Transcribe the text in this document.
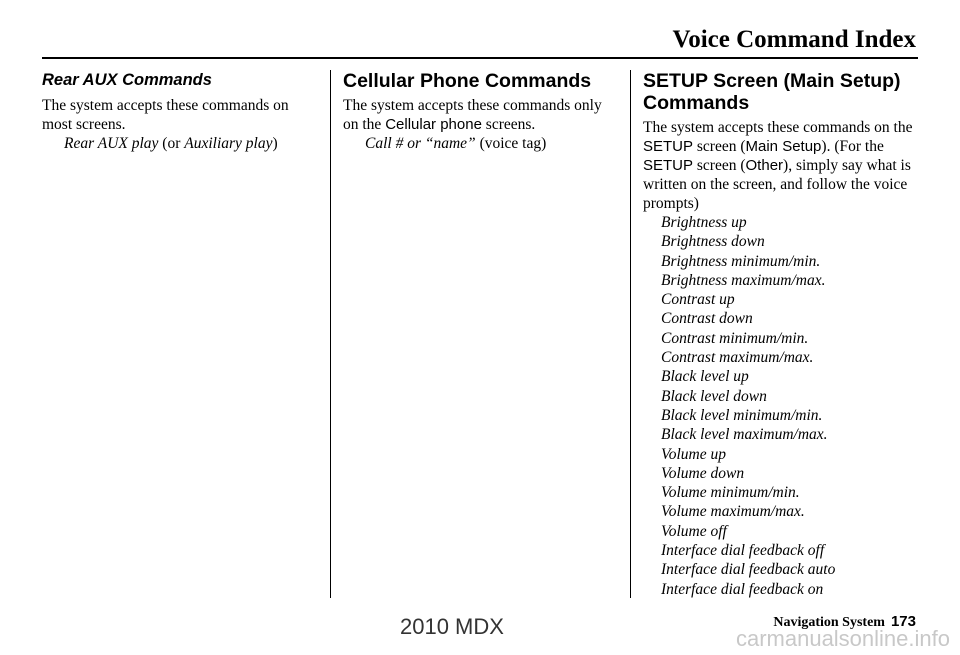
Voice Command Index
Rear AUX Commands

The system accepts these commands on most screens.

Rear AUX play (or Auxiliary play)

Cellular Phone Commands

The system accepts these commands only on the Cellular phone screens.

Call # or “name” (voice tag)

SETUP Screen (Main Setup) Commands

The system accepts these commands on the SETUP screen (Main Setup). (For the SETUP screen (Other), simply say what is written on the screen, and follow the voice prompts)

Brightness up
Brightness down
Brightness minimum/min.
Brightness maximum/max.
Contrast up
Contrast down
Contrast minimum/min.
Contrast maximum/max.
Black level up
Black level down
Black level minimum/min.
Black level maximum/max.
Volume up
Volume down
Volume minimum/min.
Volume maximum/max.
Volume off
Interface dial feedback off
Interface dial feedback auto
Interface dial feedback on
Navigation System 173
2010 MDX	carmanualsonline.info
